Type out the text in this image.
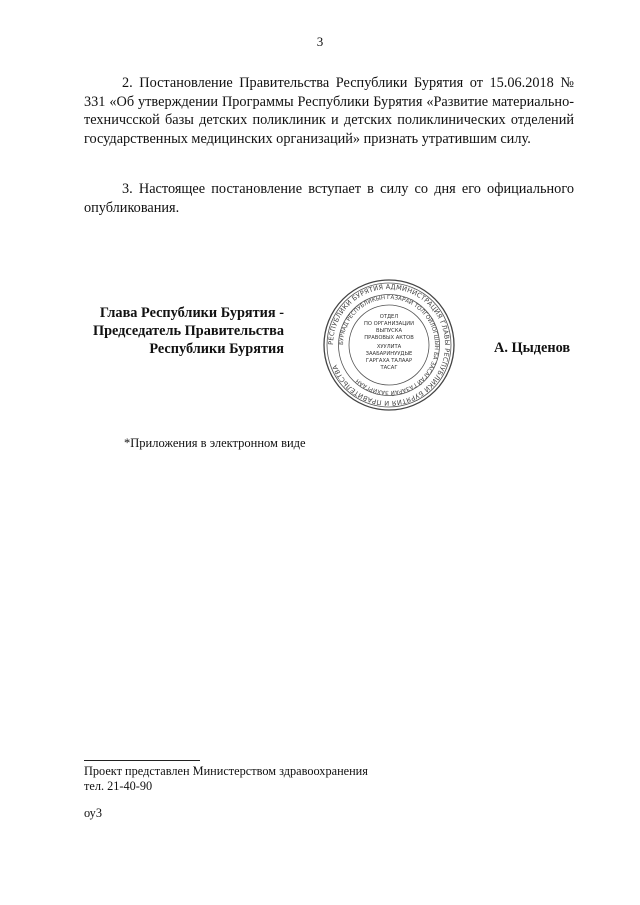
3

2. Постановление Правительства Республики Бурятия от 15.06.2018 № 331 «Об утверждении Программы Республики Бурятия «Развитие материально-техничсской базы детских поликлиник и детских поликлинических отделений государственных медицинских организаций» признать утратившим силу.

3. Настоящее постановление вступает в силу со дня его официального опубликования.

Глава Республики Бурятия -
Председатель Правительства
Республики Бурятия	РЕСПУБЛИКИ БУРЯТИЯ АДМИНИСТРАЦИЯ ГЛАВЫ РЕСПУБЛИКИ БУРЯТИЯ И ПРАВИТЕЛЬСТВА
БУРЯАД РЕСПУБЛИКЫН ГАЗАРАЙ ТОЛГОЙЛОГШЫН БА ЗАСАГАЙ ГАЗАРАЙ ЗАХИРГААН
ОТДЕЛ
ПО ОРГАНИЗАЦИИ
ВЫПУСКА
ПРАВОВЫХ АКТОВ
ХУУЛИТА
ЗААБАРИНУУДЫЕ
ГАРГАХА ТАЛААР
ТАСАГ
А. Цыденов
*Приложения в электронном виде
Проект представлен Министерством здравоохранения
тел. 21-40-90
оу3
